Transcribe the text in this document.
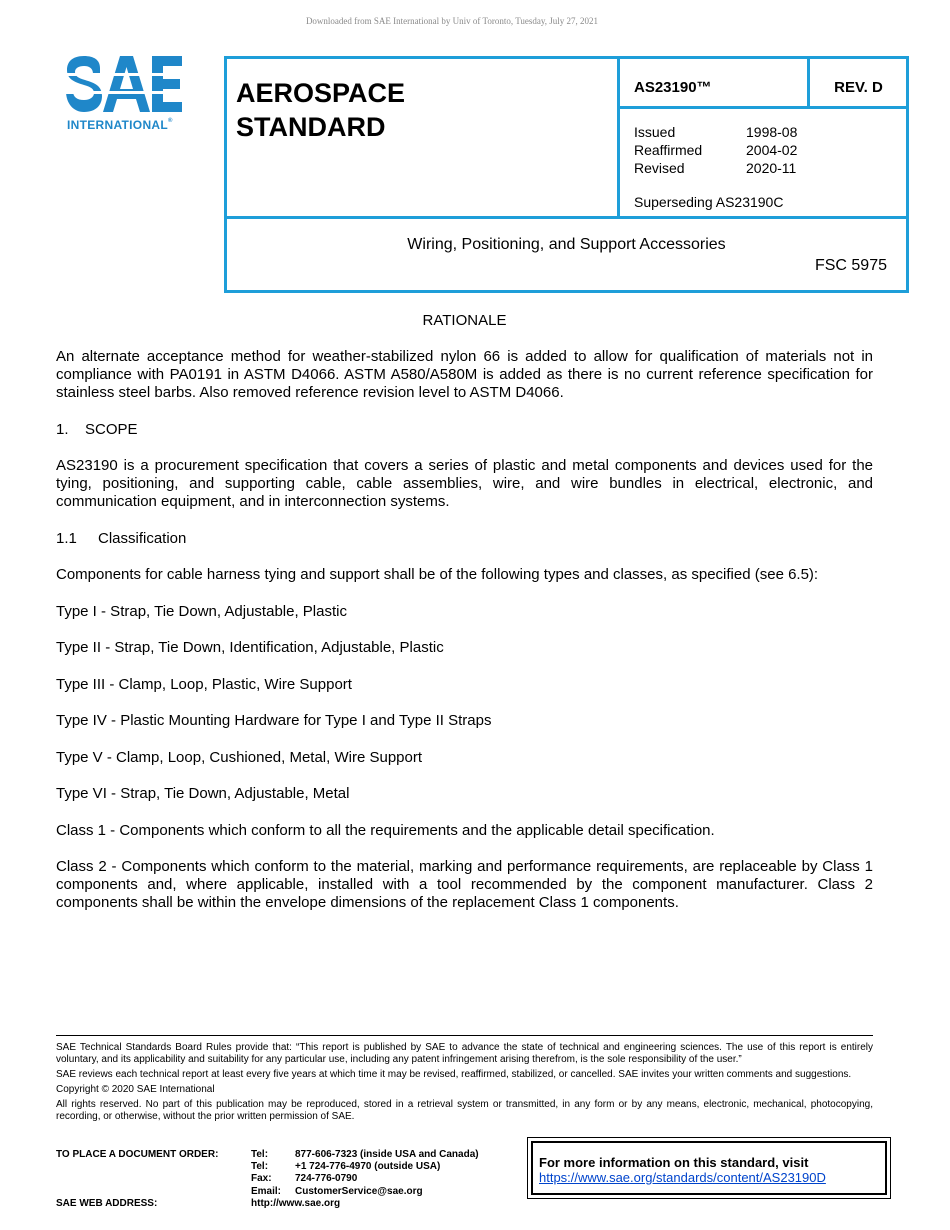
Downloaded from SAE International by Univ of Toronto, Tuesday, July 27, 2021
INTERNATIONAL®
AEROSPACE
STANDARD
AS23190™	REV. D
Issued	1998-08
Reaffirmed	2004-02
Revised	2020-11
Superseding AS23190C
Wiring, Positioning, and Support Accessories
FSC 5975
RATIONALE

An alternate acceptance method for weather-stabilized nylon 66 is added to allow for qualification of materials not in compliance with PA0191 in ASTM D4066. ASTM A580/A580M is added as there is no current reference specification for stainless steel barbs. Also removed reference revision level to ASTM D4066.

1. SCOPE

AS23190 is a procurement specification that covers a series of plastic and metal components and devices used for the tying, positioning, and supporting cable, cable assemblies, wire, and wire bundles in electrical, electronic, and communication equipment, and in interconnection systems.

1.1 Classification

Components for cable harness tying and support shall be of the following types and classes, as specified (see 6.5):

Type I - Strap, Tie Down, Adjustable, Plastic

Type II - Strap, Tie Down, Identification, Adjustable, Plastic

Type III - Clamp, Loop, Plastic, Wire Support

Type IV - Plastic Mounting Hardware for Type I and Type II Straps

Type V - Clamp, Loop, Cushioned, Metal, Wire Support

Type VI - Strap, Tie Down, Adjustable, Metal

Class 1 - Components which conform to all the requirements and the applicable detail specification.

Class 2 - Components which conform to the material, marking and performance requirements, are replaceable by Class 1 components and, where applicable, installed with a tool recommended by the component manufacturer. Class 2 components shall be within the envelope dimensions of the replacement Class 1 components.

SAE Technical Standards Board Rules provide that: “This report is published by SAE to advance the state of technical and engineering sciences. The use of this report is entirely voluntary, and its applicability and suitability for any particular use, including any patent infringement arising therefrom, is the sole responsibility of the user.”

SAE reviews each technical report at least every five years at which time it may be revised, reaffirmed, stabilized, or cancelled. SAE invites your written comments and suggestions.

Copyright © 2020 SAE International

All rights reserved. No part of this publication may be reproduced, stored in a retrieval system or transmitted, in any form or by any means, electronic, mechanical, photocopying, recording, or otherwise, without the prior written permission of SAE.

TO PLACE A DOCUMENT ORDER:	Tel:	877-606-7323 (inside USA and Canada)
Tel:	+1 724-776-4970 (outside USA)
Fax: 724-776-0790
Email: CustomerService@sae.org
SAE WEB ADDRESS:	http://www.sae.org
For more information on this standard, visit
https://www.sae.org/standards/content/AS23190D
